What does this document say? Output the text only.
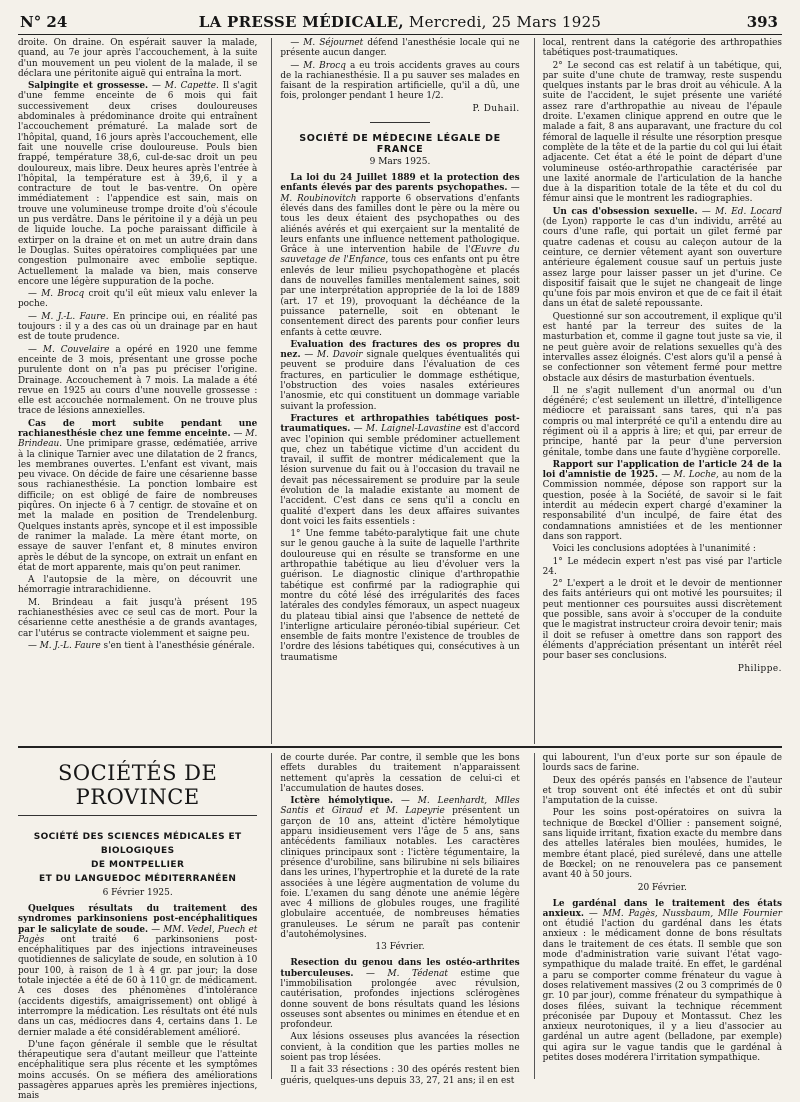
N° 24	LA PRESSE MÉDICALE, Mercredi, 25 Mars 1925	393

droite. On draine. On espérait sauver la malade, quand, au 7e jour après l'accouchement, à la suite d'un mouvement un peu violent de la malade, il se déclara une péritonite aiguë qui entraîna la mort.

Salpingite et grossesse. — M. Capette. Il s'agit d'une femme enceinte de 6 mois qui fait successivement deux crises douloureuses abdominales à prédominance droite qui entraînent l'accouchement prématuré. La malade sort de l'hôpital, quand, 16 jours après l'accouchement, elle fait une nouvelle crise douloureuse. Pouls bien frappé, température 38,6, cul-de-sac droit un peu douloureux, mais libre. Deux heures après l'entrée à l'hôpital, la température est à 39,6, il y a contracture de tout le bas-ventre. On opère immédiatement : l'appendice est sain, mais on trouve une volumineuse trompe droite d'où s'écoule un pus verdâtre. Dans le péritoine il y a déjà un peu de liquide louche. La poche paraissant difficile à extirper on la draine et on met un autre drain dans le Douglas. Suites opératoires compliquées par une congestion pulmonaire avec embolie septique. Actuellement la malade va bien, mais conserve encore une légère suppuration de la poche.

— M. Brocq croit qu'il eût mieux valu enlever la poche.

— M. J.-L. Faure. En principe oui, en réalité pas toujours : il y a des cas où un drainage par en haut est de toute prudence.

— M. Couvelaire a opéré en 1920 une femme enceinte de 3 mois, présentant une grosse poche purulente dont on n'a pas pu préciser l'origine. Drainage. Accouchement à 7 mois. La malade a été revue en 1925 au cours d'une nouvelle grossesse : elle est accouchée normalement. On ne trouve plus trace de lésions annexielles.

Cas de mort subite pendant une rachianesthésie chez une femme enceinte. — M. Brindeau. Une primipare grasse, œdématiée, arrive à la clinique Tarnier avec une dilatation de 2 francs, les membranes ouvertes. L'enfant est vivant, mais peu vivace. On décide de faire une césarienne basse sous rachianesthésie. La ponction lombaire est difficile; on est obligé de faire de nombreuses piqûres. On injecte 6 à 7 centigr. de stovaïne et on met la malade en position de Trendelenburg. Quelques instants après, syncope et il est impossible de ranimer la malade. La mère étant morte, on essaye de sauver l'enfant et, 8 minutes environ après le début de la syncope, on extrait un enfant en état de mort apparente, mais qu'on peut ranimer.

A l'autopsie de la mère, on découvrit une hémorragie intrarachidienne.

M. Brindeau a fait jusqu'à présent 195 rachianesthésies avec ce seul cas de mort. Pour la césarienne cette anesthésie a de grands avantages, car l'utérus se contracte violemment et saigne peu.

— M. J.-L. Faure s'en tient à l'anesthésie générale.

— M. Séjournet défend l'anesthésie locale qui ne présente aucun danger.

— M. Brocq a eu trois accidents graves au cours de la rachianesthésie. Il a pu sauver ses malades en faisant de la respiration artificielle, qu'il a dû, une fois, prolonger pendant 1 heure 1/2.

P. Duhail.

SOCIÉTÉ DE MÉDECINE LÉGALE DE FRANCE
9 Mars 1925.

La loi du 24 Juillet 1889 et la protection des enfants élevés par des parents psychopathes. — M. Roubinovitch rapporte 6 observations d'enfants élevés dans des familles dont le père ou la mère ou tous les deux étaient des psychopathes ou des aliénés avérés et qui exerçaient sur la mentalité de leurs enfants une influence nettement pathologique. Grâce à une intervention habile de l'Œuvre du sauvetage de l'Enfance, tous ces enfants ont pu être enlevés de leur milieu psychopathogène et placés dans de nouvelles familles mentalement saines, soit par une interprétation appropriée de la loi de 1889 (art. 17 et 19), provoquant la déchéance de la puissance paternelle, soit en obtenant le consentement direct des parents pour confier leurs enfants à cette œuvre.

Evaluation des fractures des os propres du nez. — M. Davoir signale quelques éventualités qui peuvent se produire dans l'évaluation de ces fractures, en particulier le dommage esthétique, l'obstruction des voies nasales extérieures l'anosmie, etc qui constituent un dommage variable suivant la profession.

Fractures et arthropathies tabétiques post-traumatiques. — M. Laignel-Lavastine est d'accord avec l'opinion qui semble prédominer actuellement que, chez un tabétique victime d'un accident du travail, il suffit de montrer médicalement que la lésion survenue du fait ou à l'occasion du travail ne devait pas nécessairement se produire par la seule évolution de la maladie existante au moment de l'accident. C'est dans ce sens qu'il a conclu en qualité d'expert dans les deux affaires suivantes dont voici les faits essentiels :

1° Une femme tabéto-paralytique fait une chute sur le genou gauche à la suite de laquelle l'arthrite douloureuse qui en résulte se transforme en une arthropathie tabétique au lieu d'évoluer vers la guérison. Le diagnostic clinique d'arthropathie tabétique est confirmé par la radiographie qui montre du côté lésé des irrégularités des faces latérales des condyles fémoraux, un aspect nuageux du plateau tibial ainsi que l'absence de netteté de l'interligne articulaire péronéo-tibial supérieur. Cet ensemble de faits montre l'existence de troubles de l'ordre des lésions tabétiques qui, consécutives à un traumatisme

local, rentrent dans la catégorie des arthropathies tabétiques post-traumatiques.

2° Le second cas est relatif à un tabétique, qui, par suite d'une chute de tramway, reste suspendu quelques instants par le bras droit au véhicule. A la suite de l'accident, le sujet présente une variété assez rare d'arthropathie au niveau de l'épaule droite. L'examen clinique apprend en outre que le malade a fait, 8 ans auparavant, une fracture du col fémoral de laquelle il résulte une résorption presque complète de la tête et de la partie du col qui lui était adjacente. Cet état a été le point de départ d'une volumineuse ostéo-arthropathie caractérisée par une laxité anormale de l'articulation de la hanche due à la disparition totale de la tête et du col du fémur ainsi que le montrent les radiographies.

Un cas d'obsession sexuelle. — M. Ed. Locard (de Lyon) rapporte le cas d'un individu, arrêté au cours d'une rafle, qui portait un gilet fermé par quatre cadenas et cousu au caleçon autour de la ceinture, ce dernier vêtement ayant son ouverture antérieure également cousue sauf un pertuis juste assez large pour laisser passer un jet d'urine. Ce dispositif faisait que le sujet ne changeait de linge qu'une fois par mois environ et que de ce fait il était dans un état de saleté repoussante.

Questionné sur son accoutrement, il explique qu'il est hanté par la terreur des suites de la masturbation et, comme il gagne tout juste sa vie, il ne peut guère avoir de relations sexuelles qu'à des intervalles assez éloignés. C'est alors qu'il a pensé à se confectionner son vêtement fermé pour mettre obstacle aux désirs de masturbation éventuels.

Il ne s'agit nullement d'un anormal ou d'un dégénéré; c'est seulement un illettré, d'intelligence médiocre et paraissant sans tares, qui n'a pas compris ou mal interprété ce qu'il a entendu dire au régiment où il a appris à lire; et qui, par erreur de principe, hanté par la peur d'une perversion génitale, tombe dans une faute d'hygiène corporelle.

Rapport sur l'application de l'article 24 de la loi d'amnistie de 1925. — M. Loche, au nom de la Commission nommée, dépose son rapport sur la question, posée à la Société, de savoir si le fait interdit au médecin expert chargé d'examiner la responsabilité d'un inculpé, de faire état des condamnations amnistiées et de les mentionner dans son rapport.

Voici les conclusions adoptées à l'unanimité :

1° Le médecin expert n'est pas visé par l'article 24.

2° L'expert a le droit et le devoir de mentionner des faits antérieurs qui ont motivé les poursuites; il peut mentionner ces poursuites aussi discrètement que possible, sans avoir à s'occuper de la conduite que le magistrat instructeur croira devoir tenir; mais il doit se refuser à omettre dans son rapport des éléments d'appréciation présentant un intérêt réel pour baser ses conclusions.

Philippe.

SOCIÉTÉS DE PROVINCE
SOCIÉTÉ DES SCIENCES MÉDICALES ET BIOLOGIQUES
DE MONTPELLIER
ET DU LANGUEDOC MÉDITERRANÉEN
6 Février 1925.

Quelques résultats du traitement des syndromes parkinsoniens post-encéphalitiques par le salicylate de soude. — MM. Vedel, Puech et Pagès ont traité 6 parkinsoniens post-encéphalitiques par des injections intraveineuses quotidiennes de salicylate de soude, en solution à 10 pour 100, à raison de 1 à 4 gr. par jour; la dose totale injectée a été de 60 à 110 gr. de médicament. A ces doses des phénomènes d'intolérance (accidents digestifs, amaigrissement) ont obligé à interrompre la médication. Les résultats ont été nuls dans un cas, médiocres dans 4, certains dans 1. Le dernier malade a été considérablement amélioré.

D'une façon générale il semble que le résultat thérapeutique sera d'autant meilleur que l'atteinte encéphalitique sera plus récente et les symptômes moins accusés. On se méfiera des améliorations passagères apparues après les premières injections, mais

de courte durée. Par contre, il semble que les bons effets durables du traitement n'apparaissent nettement qu'après la cessation de celui-ci et l'accumulation de hautes doses.

Ictère hémolytique. — M. Leenhardt, Mlles Santis et Giraud et M. Lapeyrie présentent un garçon de 10 ans, atteint d'ictère hémolytique apparu insidieusement vers l'âge de 5 ans, sans antécédents familiaux notables. Les caractères cliniques principaux sont : l'ictère tégumentaire, la présence d'urobiline, sans bilirubine ni sels biliaires dans les urines, l'hypertrophie et la dureté de la rate associées à une légère augmentation de volume du foie. L'examen du sang dénote une anémie légère avec 4 millions de globules rouges, une fragilité globulaire accentuée, de nombreuses hématies granuleuses. Le sérum ne paraît pas contenir d'autohémolysines.

13 Février.

Resection du genou dans les ostéo-arthrites tuberculeuses. — M. Tédenat estime que l'immobilisation prolongée avec révulsion, cautérisation, profondes injections sclérogènes donne souvent de bons résultats quand les lésions osseuses sont absentes ou minimes en étendue et en profondeur.

Aux lésions osseuses plus avancées la résection convient, à la condition que les parties molles ne soient pas trop lésées.

Il a fait 33 résections : 30 des opérés restent bien guéris, quelques-uns depuis 33, 27, 21 ans; il en est

qui labourent, l'un d'eux porte sur son épaule de lourds sacs de farine.

Deux des opérés pansés en l'absence de l'auteur et trop souvent ont été infectés et ont dû subir l'amputation de la cuisse.

Pour les soins post-opératoires on suivra la technique de Bœckel d'Ollier : pansement soigné, sans liquide irritant, fixation exacte du membre dans des attelles latérales bien moulées, humides, le membre étant placé, pied surélevé, dans une attelle de Bœckel; on ne renouvelera pas ce pansement avant 40 à 50 jours.

20 Février.

Le gardénal dans le traitement des états anxieux. — MM. Pagès, Nussbaum, Mlle Fournier ont étudié l'action du gardénal dans les états anxieux : le médicament donne de bons résultats dans le traitement de ces états. Il semble que son mode d'administration varie suivant l'état vago-sympathique du malade traité. En effet, le gardénal a paru se comporter comme frénateur du vague à doses relativement massives (2 ou 3 comprimés de 0 gr. 10 par jour), comme frénateur du sympathique à doses filées, suivant la technique récemment préconisée par Dupouy et Montassut. Chez les anxieux neurotoniques, il y a lieu d'associer au gardénal un autre agent (belladone, par exemple) qui agira sur le vague tandis que le gardénal à petites doses modérera l'irritation sympathique.
